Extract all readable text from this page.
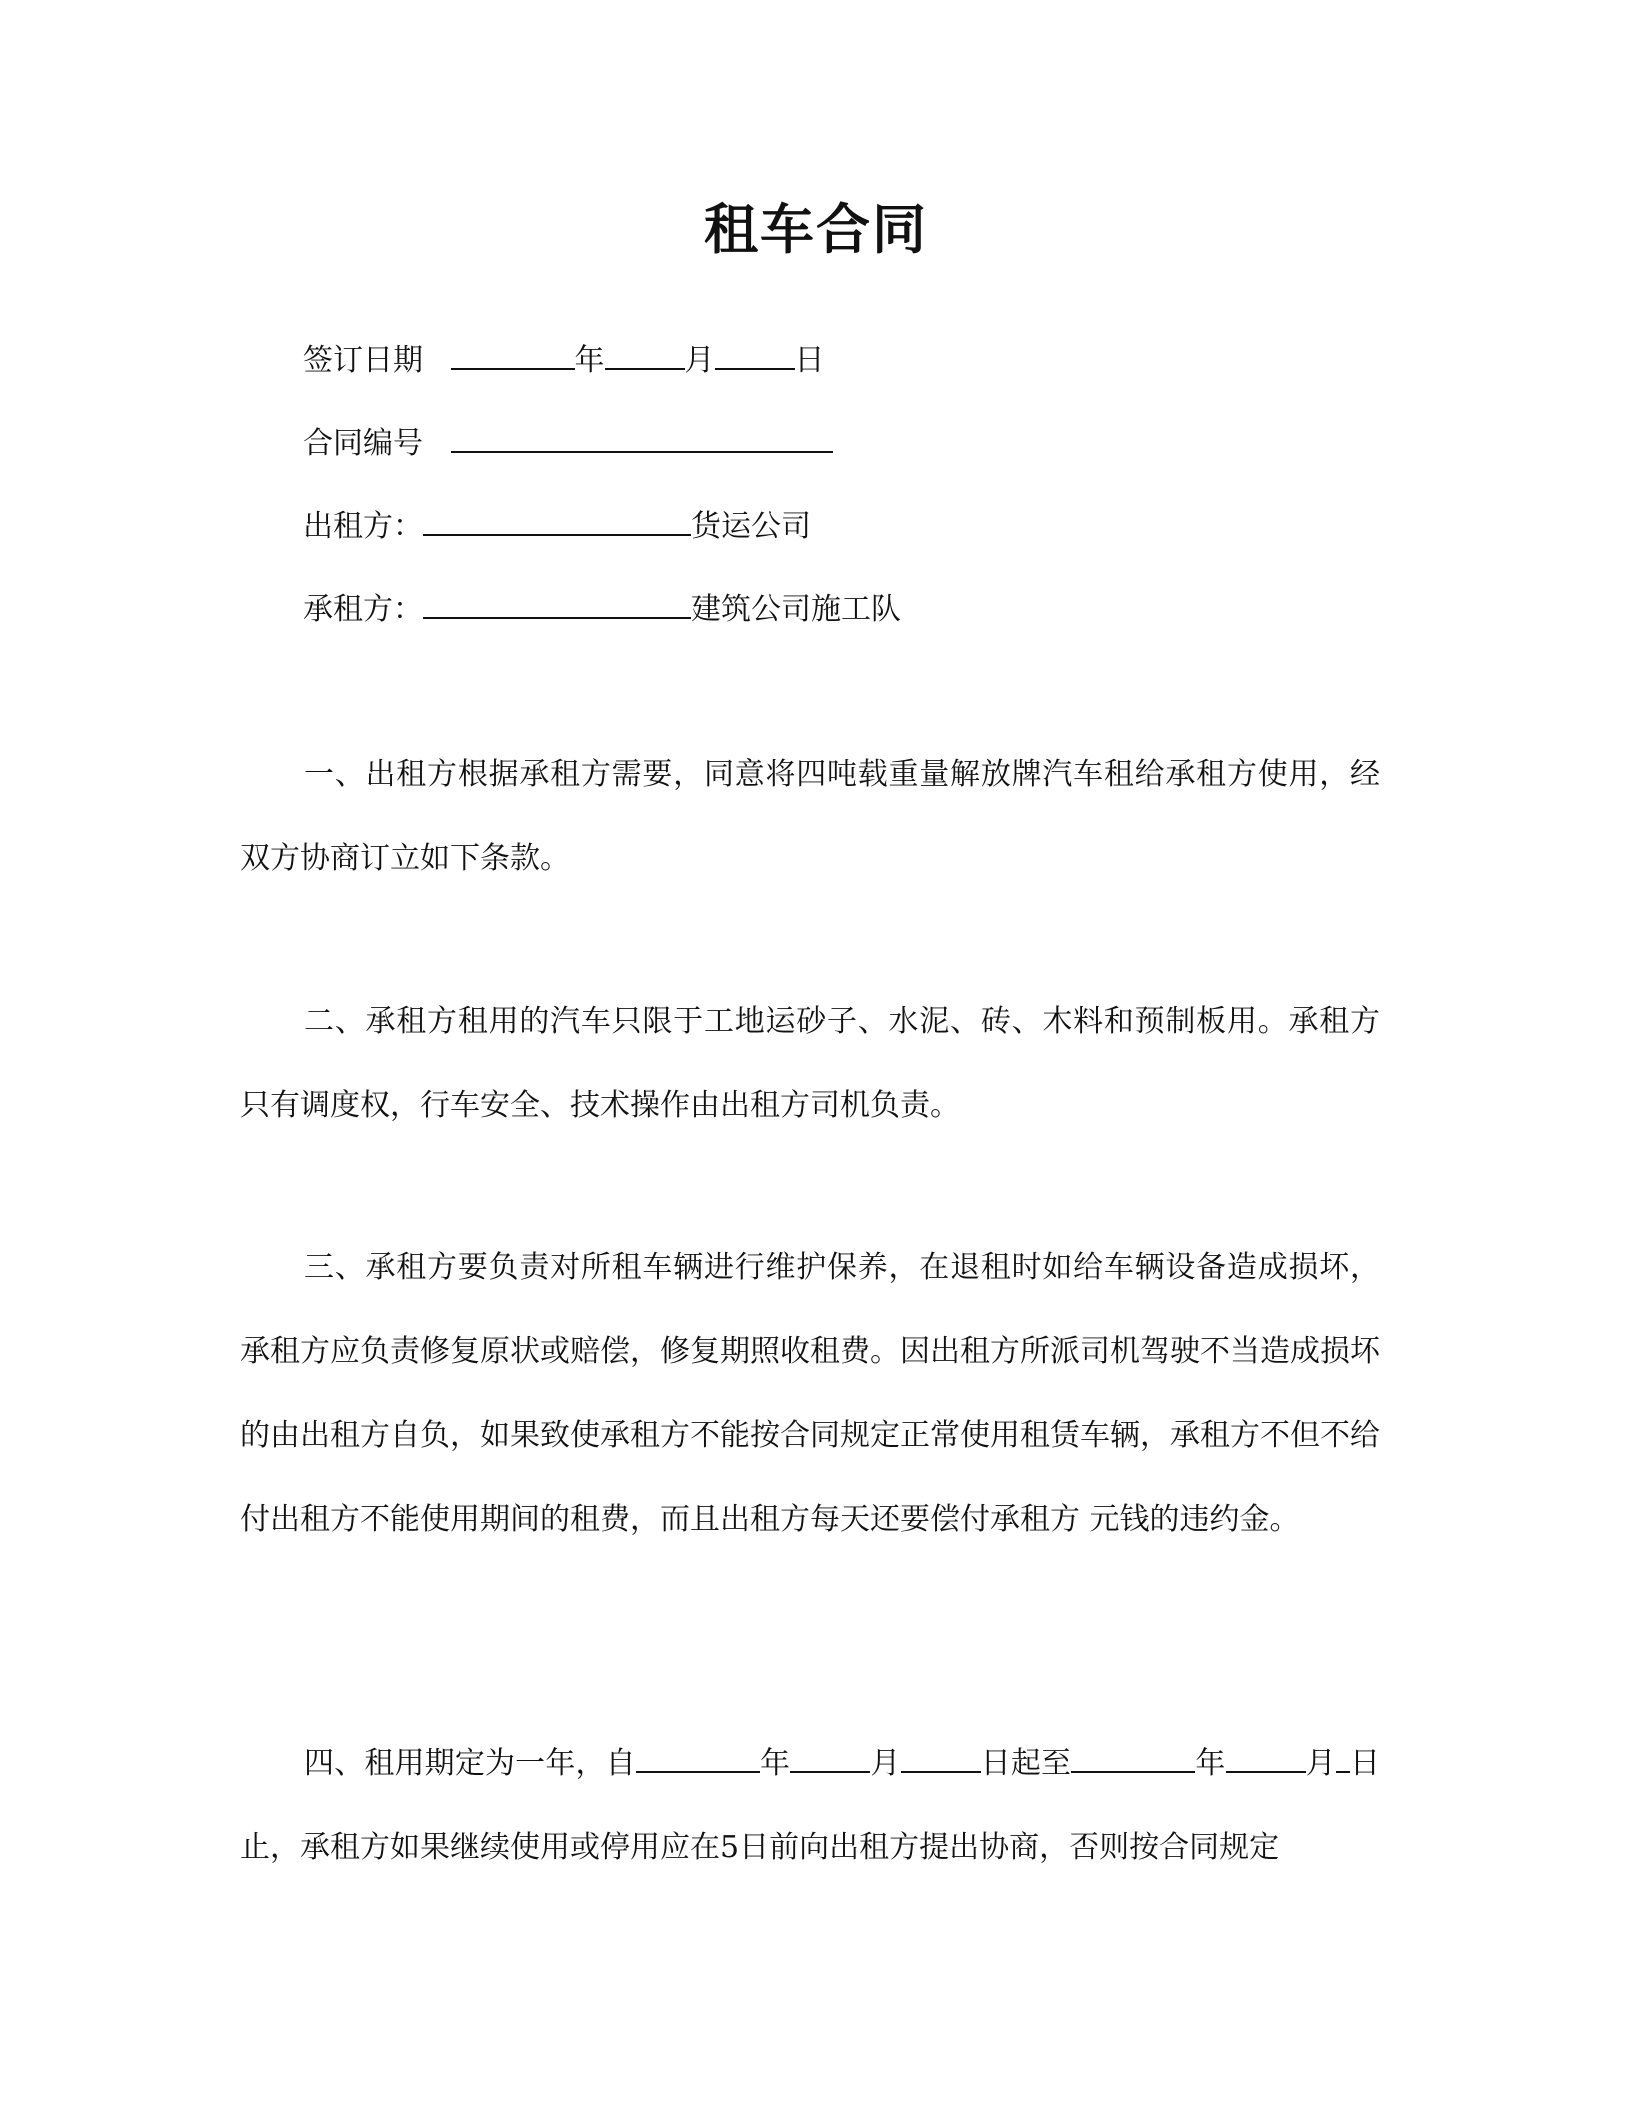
租车合同
签订日期	年	月	日
合同编号
出租方：	货运公司
承租方：	建筑公司施工队
一、出租方根据承租方需要，同意将四吨载重量解放牌汽车租给承租方使用，经双方协商订立如下条款。
二、承租方租用的汽车只限于工地运砂子、水泥、砖、木料和预制板用。承租方只有调度权，行车安全、技术操作由出租方司机负责。
三、承租方要负责对所租车辆进行维护保养，在退租时如给车辆设备造成损坏，承租方应负责修复原状或赔偿，修复期照收租费。因出租方所派司机驾驶不当造成损坏的由出租方自负，如果致使承租方不能按合同规定正常使用租赁车辆，承租方不但不给付出租方不能使用期间的租费，而且出租方每天还要偿付承租方 元钱的违约金。
四、租用期定为一年，自	年	月	日起至	年	月 日止，承租方如果继续使用或停用应在5日前向出租方提出协商，否则按合同规定
